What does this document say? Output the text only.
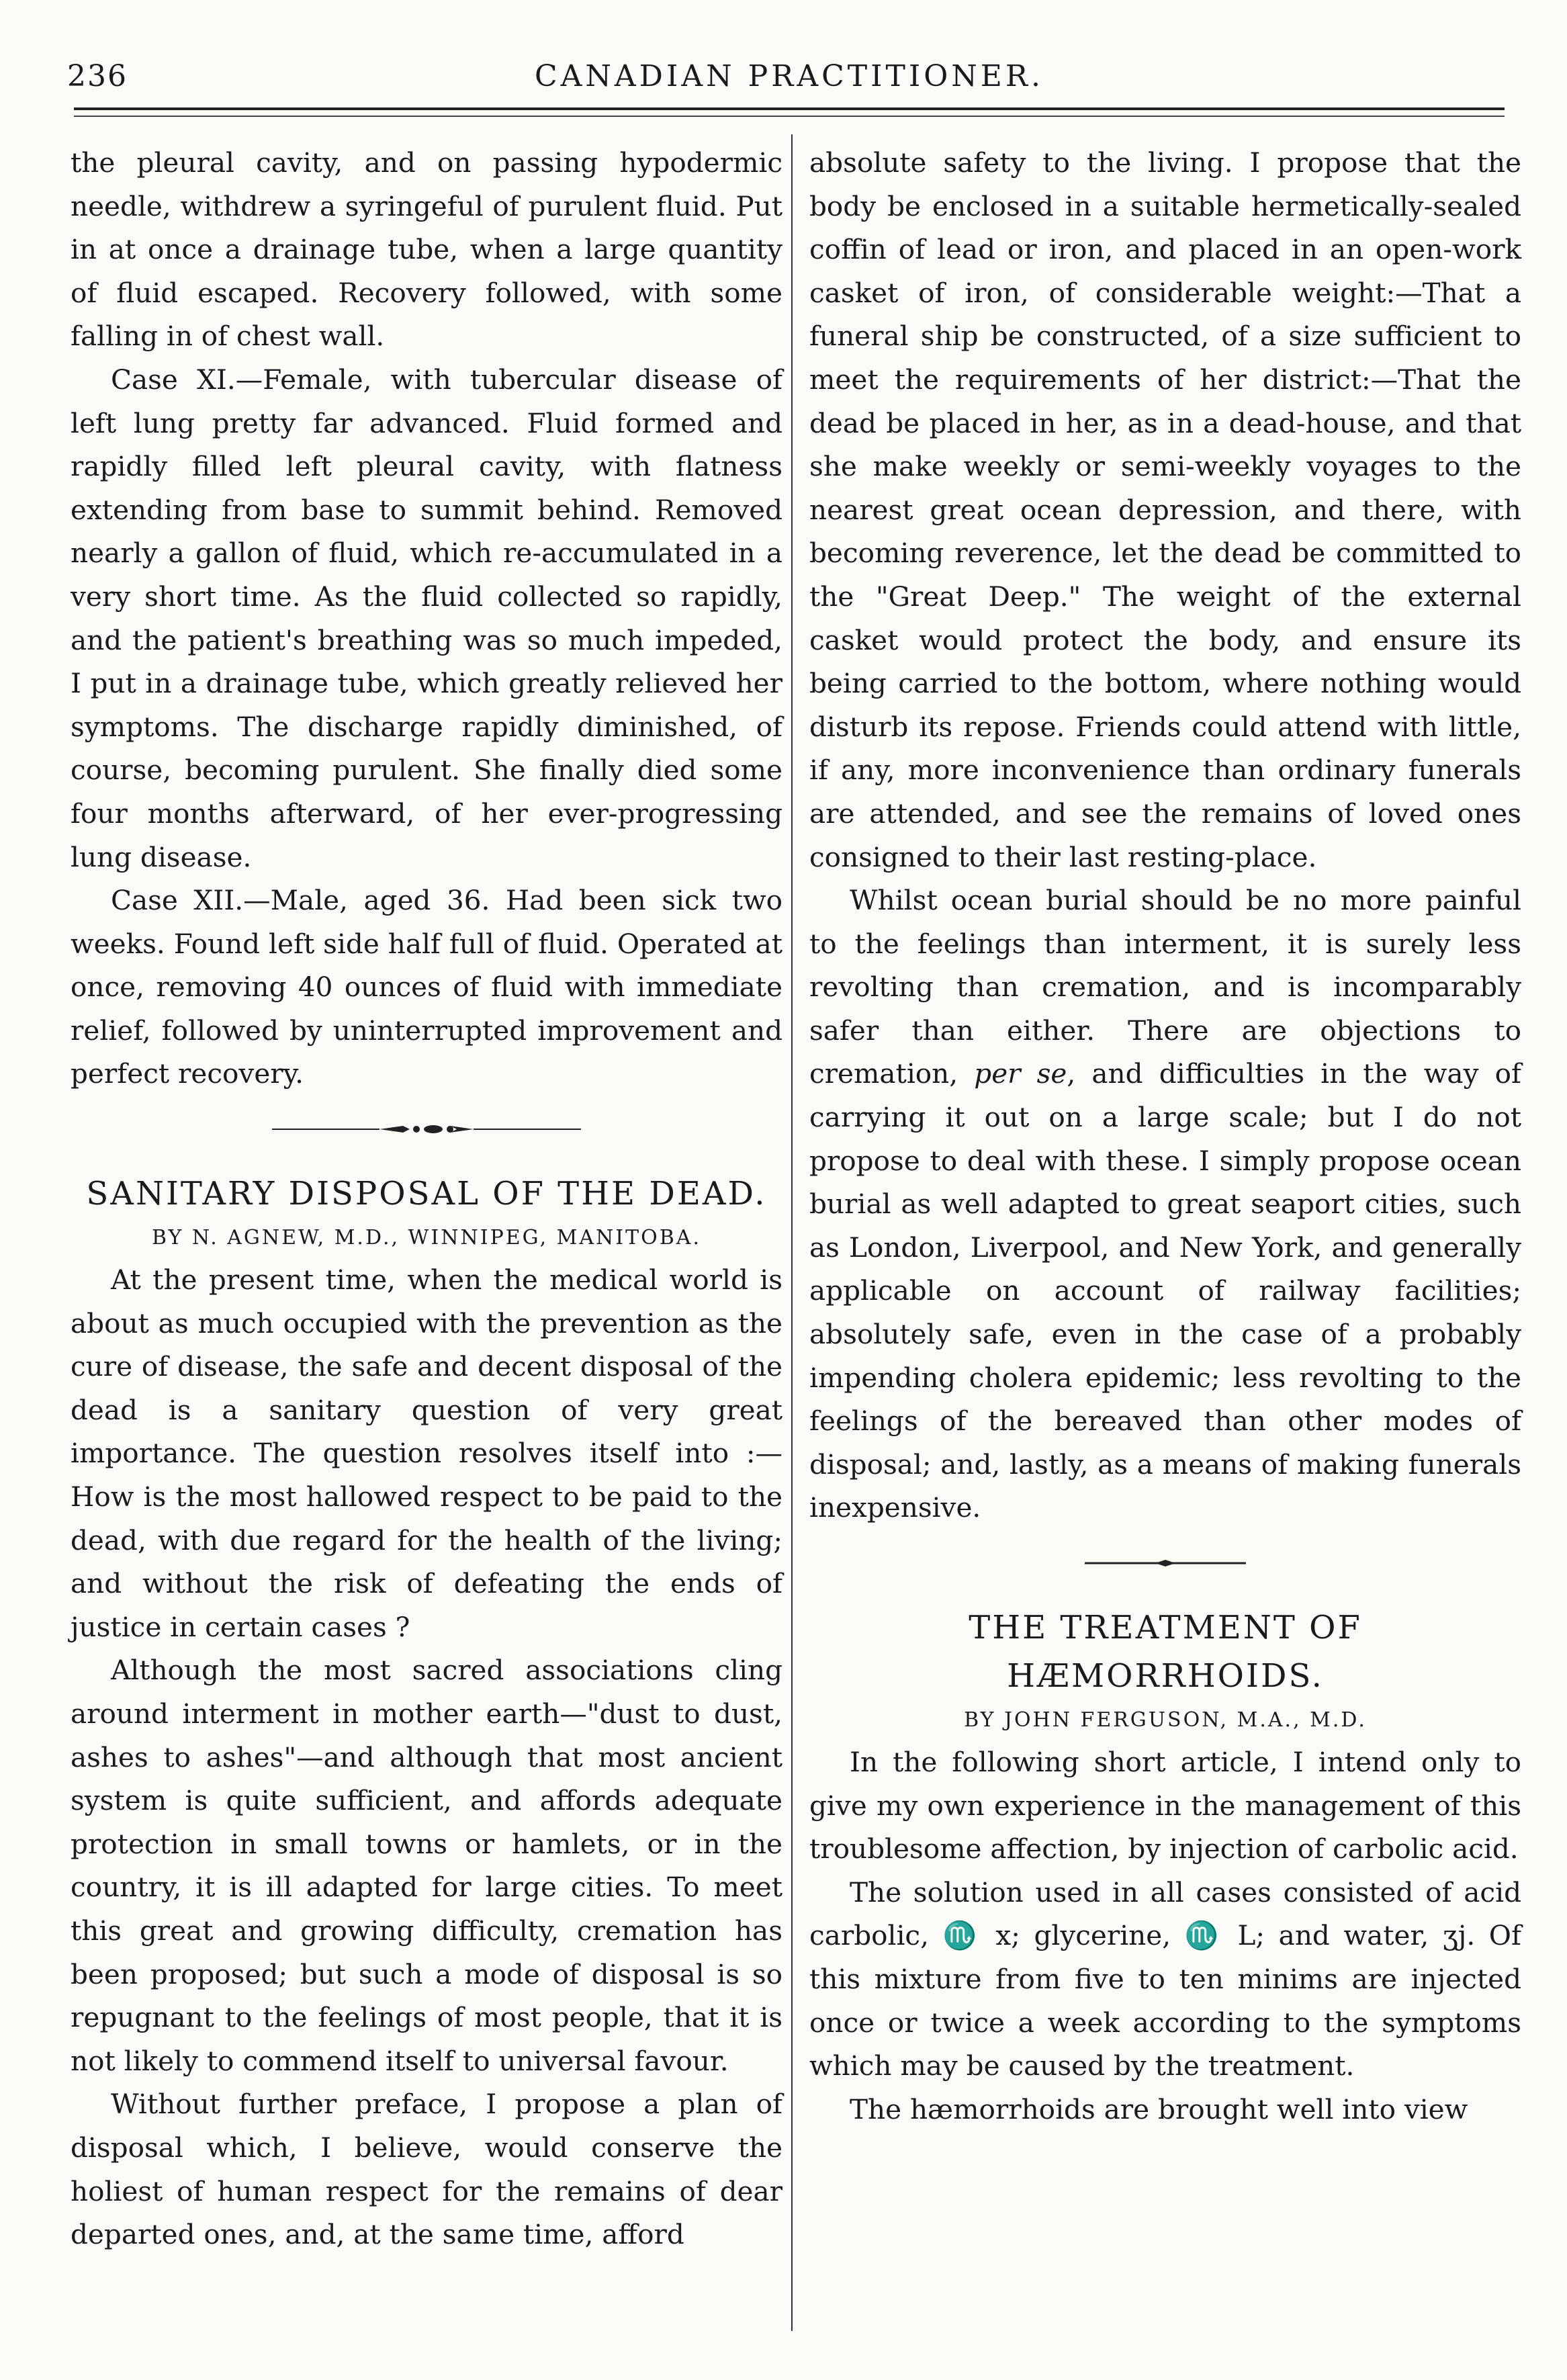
236	CANADIAN PRACTITIONER.

the pleural cavity, and on passing hypodermic needle, withdrew a syringeful of purulent fluid. Put in at once a drainage tube, when a large quantity of fluid escaped. Recovery followed, with some falling in of chest wall.

Case XI.—Female, with tubercular disease of left lung pretty far advanced. Fluid formed and rapidly filled left pleural cavity, with flatness extending from base to summit behind. Removed nearly a gallon of fluid, which re-accumulated in a very short time. As the fluid collected so rapidly, and the patient's breathing was so much impeded, I put in a drainage tube, which greatly relieved her symptoms. The discharge rapidly diminished, of course, becoming purulent. She finally died some four months afterward, of her ever-progressing lung disease.

Case XII.—Male, aged 36. Had been sick two weeks. Found left side half full of fluid. Operated at once, removing 40 ounces of fluid with immediate relief, followed by uninterrupted improvement and perfect recovery.

SANITARY DISPOSAL OF THE DEAD.
BY N. AGNEW, M.D., WINNIPEG, MANITOBA.

At the present time, when the medical world is about as much occupied with the prevention as the cure of disease, the safe and decent disposal of the dead is a sanitary question of very great importance. The question resolves itself into :—How is the most hallowed respect to be paid to the dead, with due regard for the health of the living; and without the risk of defeating the ends of justice in certain cases ?

Although the most sacred associations cling around interment in mother earth—"dust to dust, ashes to ashes"—and although that most ancient system is quite sufficient, and affords adequate protection in small towns or hamlets, or in the country, it is ill adapted for large cities. To meet this great and growing difficulty, cremation has been proposed; but such a mode of disposal is so repugnant to the feelings of most people, that it is not likely to commend itself to universal favour.

Without further preface, I propose a plan of disposal which, I believe, would conserve the holiest of human respect for the remains of dear departed ones, and, at the same time, afford

absolute safety to the living. I propose that the body be enclosed in a suitable hermetically-sealed coffin of lead or iron, and placed in an open-work casket of iron, of considerable weight:—That a funeral ship be constructed, of a size sufficient to meet the requirements of her district:—That the dead be placed in her, as in a dead-house, and that she make weekly or semi-weekly voyages to the nearest great ocean depression, and there, with becoming reverence, let the dead be committed to the "Great Deep." The weight of the external casket would protect the body, and ensure its being carried to the bottom, where nothing would disturb its repose. Friends could attend with little, if any, more inconvenience than ordinary funerals are attended, and see the remains of loved ones consigned to their last resting-place.

Whilst ocean burial should be no more painful to the feelings than interment, it is surely less revolting than cremation, and is incomparably safer than either. There are objections to cremation, per se, and difficulties in the way of carrying it out on a large scale; but I do not propose to deal with these. I simply propose ocean burial as well adapted to great seaport cities, such as London, Liverpool, and New York, and generally applicable on account of railway facilities; absolutely safe, even in the case of a probably impending cholera epidemic; less revolting to the feelings of the bereaved than other modes of disposal; and, lastly, as a means of making funerals inexpensive.

THE TREATMENT OF HÆMORRHOIDS.
BY JOHN FERGUSON, M.A., M.D.

In the following short article, I intend only to give my own experience in the management of this troublesome affection, by injection of carbolic acid.

The solution used in all cases consisted of acid carbolic, ♏ x; glycerine, ♏ L; and water, ʒj. Of this mixture from five to ten minims are injected once or twice a week according to the symptoms which may be caused by the treatment.

The hæmorrhoids are brought well into view
